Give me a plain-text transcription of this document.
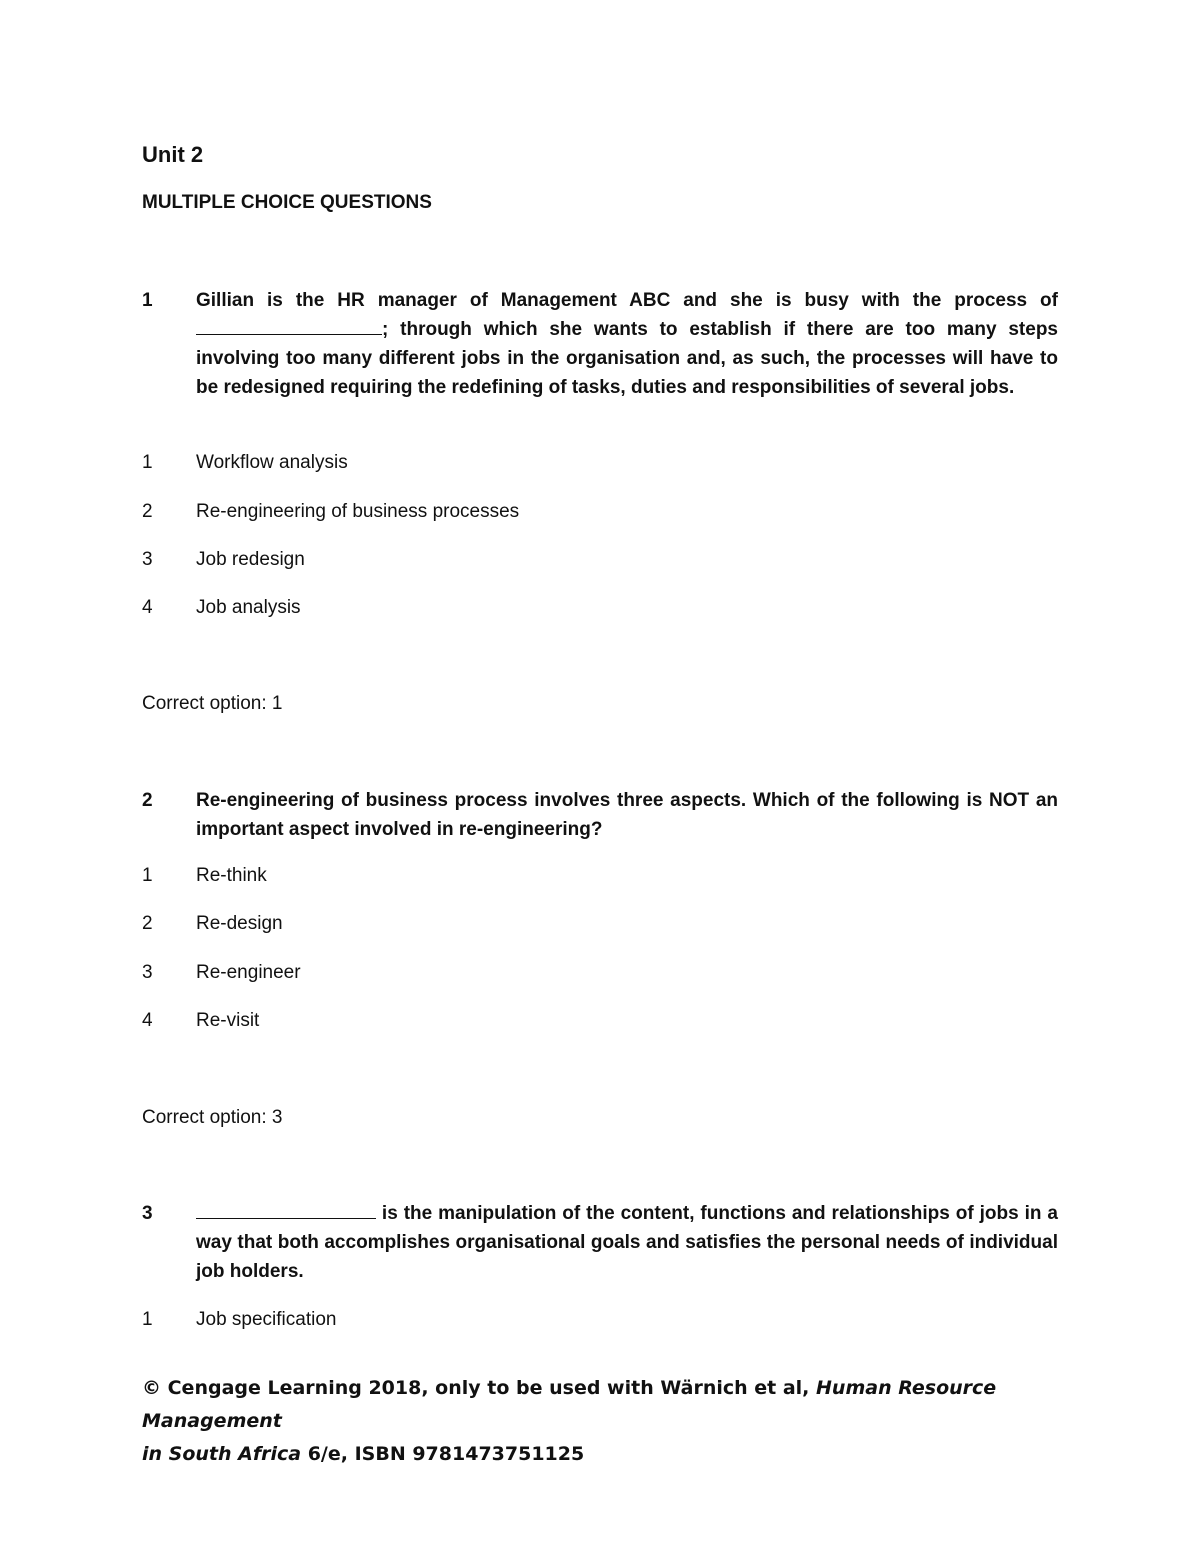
Unit 2
MULTIPLE CHOICE QUESTIONS
1 Gillian is the HR manager of Management ABC and she is busy with the process of ; through which she wants to establish if there are too many steps involving too many different jobs in the organisation and, as such, the processes will have to be redesigned requiring the redefining of tasks, duties and responsibilities of several jobs.
1 Workflow analysis
2 Re-engineering of business processes
3 Job redesign
4 Job analysis
Correct option: 1
2 Re-engineering of business process involves three aspects. Which of the following is NOT an important aspect involved in re-engineering?
1 Re-think
2 Re-design
3 Re-engineer
4 Re-visit
Correct option: 3
3	is the manipulation of the content, functions and relationships of jobs in a way that both accomplishes organisational goals and satisfies the personal needs of individual job holders.
1 Job specification
© Cengage Learning 2018, only to be used with Wärnich et al, Human Resource Management
in South Africa 6/e, ISBN 9781473751125
